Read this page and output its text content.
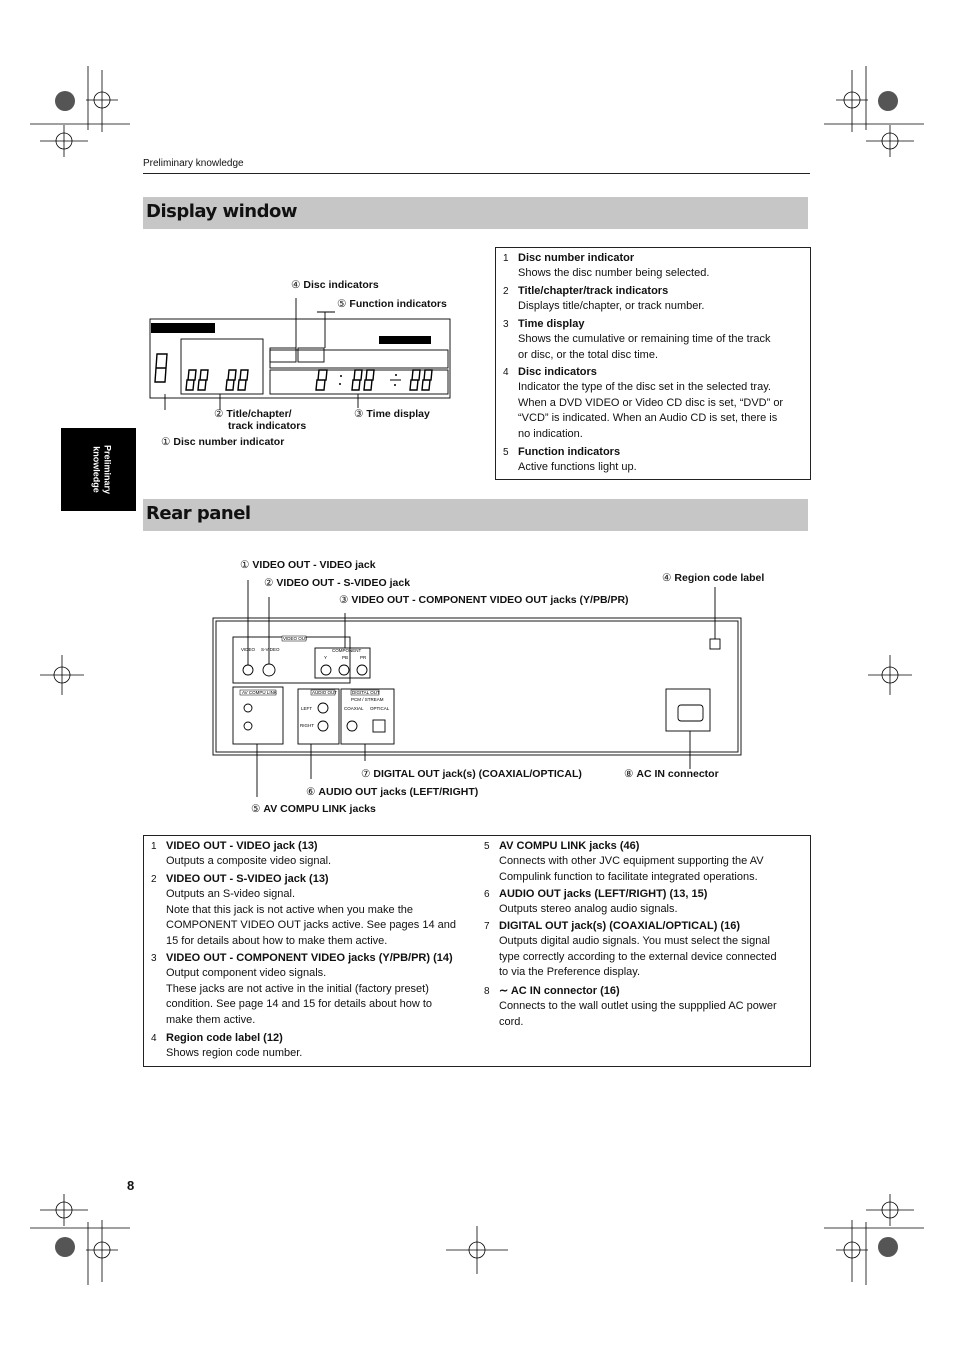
Preliminary knowledge
Preliminary
knowledge
Display window
④ Disc indicators
⑤ Function indicators
② Title/chapter/
track indicators
③ Time display
① Disc number indicator
1 Disc number indicator
Shows the disc number being selected.
2 Title/chapter/track indicators
Displays title/chapter, or track number.
3 Time display
Shows the cumulative or remaining time of the track
or disc, or the total disc time.
4 Disc indicators
Indicator the type of the disc set in the selected tray.
When a DVD VIDEO or Video CD disc is set, “DVD” or
“VCD” is indicated. When an Audio CD is set, there is
no indication.
5 Function indicators
Active functions light up.
Rear panel
VIDEO OUT
VIDEO S-VIDEO	COMPONENT
Y	PB	PR
AV COMPU LINK	AUDIO OUT
LEFT
RIGHT
DIGITAL OUT
PCM / STREAM
COAXIAL OPTICAL
① VIDEO OUT - VIDEO jack
② VIDEO OUT - S-VIDEO jack
③ VIDEO OUT - COMPONENT VIDEO OUT jacks (Y/PB/PR)
④ Region code label
⑦ DIGITAL OUT jack(s) (COAXIAL/OPTICAL)	⑧ AC IN connector
⑥ AUDIO OUT jacks (LEFT/RIGHT)
⑤ AV COMPU LINK jacks
1 VIDEO OUT - VIDEO jack (13)
Outputs a composite video signal.
2 VIDEO OUT - S-VIDEO jack (13)
Outputs an S-video signal.
Note that this jack is not active when you make the
COMPONENT VIDEO OUT jacks active. See pages 14 and
15 for details about how to make them active.
3 VIDEO OUT - COMPONENT VIDEO jacks (Y/PB/PR) (14)
Output component video signals.
These jacks are not active in the initial (factory preset)
condition. See page 14 and 15 for details about how to
make them active.
4 Region code label (12)
Shows region code number.
5 AV COMPU LINK jacks (46)
Connects with other JVC equipment supporting the AV
Compulink function to facilitate integrated operations.
6 AUDIO OUT jacks (LEFT/RIGHT) (13, 15)
Outputs stereo analog audio signals.
7 DIGITAL OUT jack(s) (COAXIAL/OPTICAL) (16)
Outputs digital audio signals. You must select the signal
type correctly according to the external device connected
to via the Preference display.
8 ∼ AC IN connector (16)
Connects to the wall outlet using the suppplied AC power
cord.
8
